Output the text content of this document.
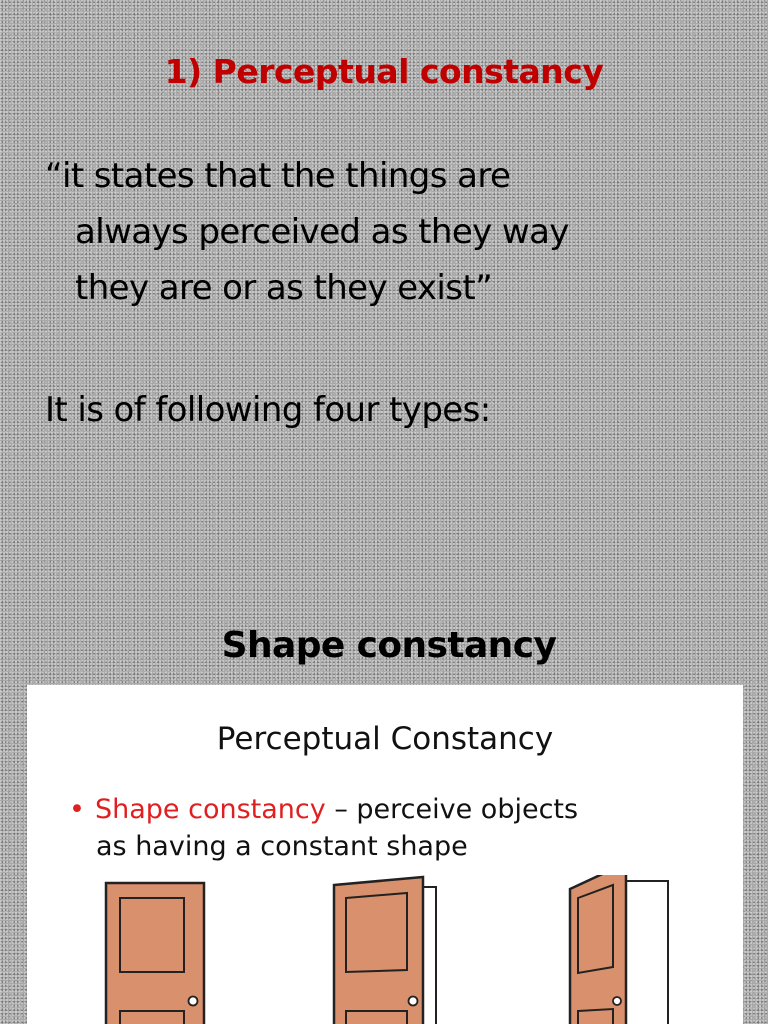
1) Perceptual constancy
“it states that the things are
always perceived as they way
they are or as they exist”
It is of following four types:
Shape constancy
Perceptual Constancy
• Shape constancy – perceive objects
as having a constant shape
